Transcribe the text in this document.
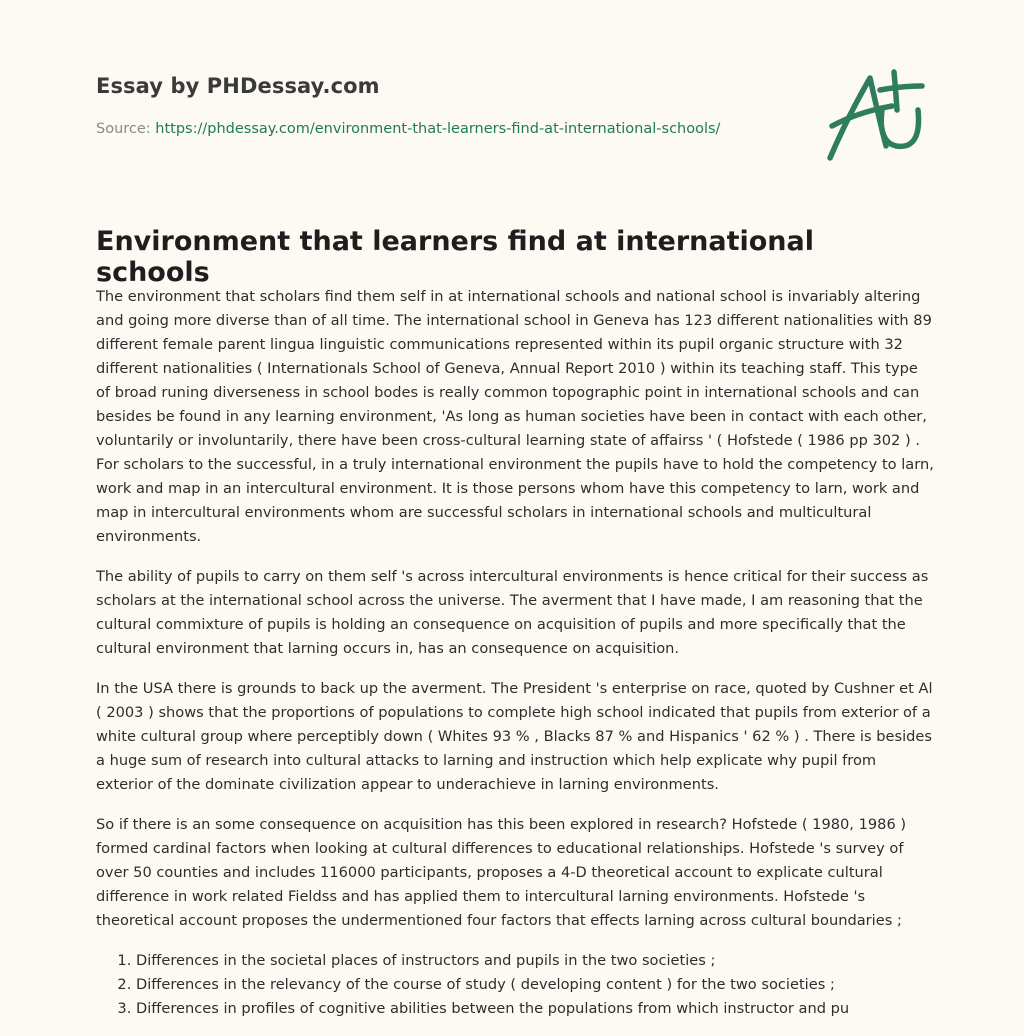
Essay by PHDessay.com
Source: https://phdessay.com/environment-that-learners-find-at-international-schools/
Environment that learners find at international schools

The environment that scholars find them self in at international schools and national school is invariably altering and going more diverse than of all time. The international school in Geneva has 123 different nationalities with 89 different female parent lingua linguistic communications represented within its pupil organic structure with 32 different nationalities ( Internationals School of Geneva, Annual Report 2010 ) within its teaching staff. This type of broad runing diverseness in school bodes is really common topographic point in international schools and can besides be found in any learning environment, 'As long as human societies have been in contact with each other, voluntarily or involuntarily, there have been cross-cultural learning state of affairss ' ( Hofstede ( 1986 pp 302 ) . For scholars to the successful, in a truly international environment the pupils have to hold the competency to larn, work and map in an intercultural environment. It is those persons whom have this competency to larn, work and map in intercultural environments whom are successful scholars in international schools and multicultural environments.

The ability of pupils to carry on them self 's across intercultural environments is hence critical for their success as scholars at the international school across the universe. The averment that I have made, I am reasoning that the cultural commixture of pupils is holding an consequence on acquisition of pupils and more specifically that the cultural environment that larning occurs in, has an consequence on acquisition.

In the USA there is grounds to back up the averment. The President 's enterprise on race, quoted by Cushner et Al ( 2003 ) shows that the proportions of populations to complete high school indicated that pupils from exterior of a white cultural group where perceptibly down ( Whites 93 % , Blacks 87 % and Hispanics ' 62 % ) . There is besides a huge sum of research into cultural attacks to larning and instruction which help explicate why pupil from exterior of the dominate civilization appear to underachieve in larning environments.

So if there is an some consequence on acquisition has this been explored in research? Hofstede ( 1980, 1986 ) formed cardinal factors when looking at cultural differences to educational relationships. Hofstede 's survey of over 50 counties and includes 116000 participants, proposes a 4-D theoretical account to explicate cultural difference in work related Fieldss and has applied them to intercultural larning environments. Hofstede 's theoretical account proposes the undermentioned four factors that effects larning across cultural boundaries ;

1. Differences in the societal places of instructors and pupils in the two societies ;
2. Differences in the relevancy of the course of study ( developing content ) for the two societies ;
3. Differences in profiles of cognitive abilities between the populations from which instructor and pu
